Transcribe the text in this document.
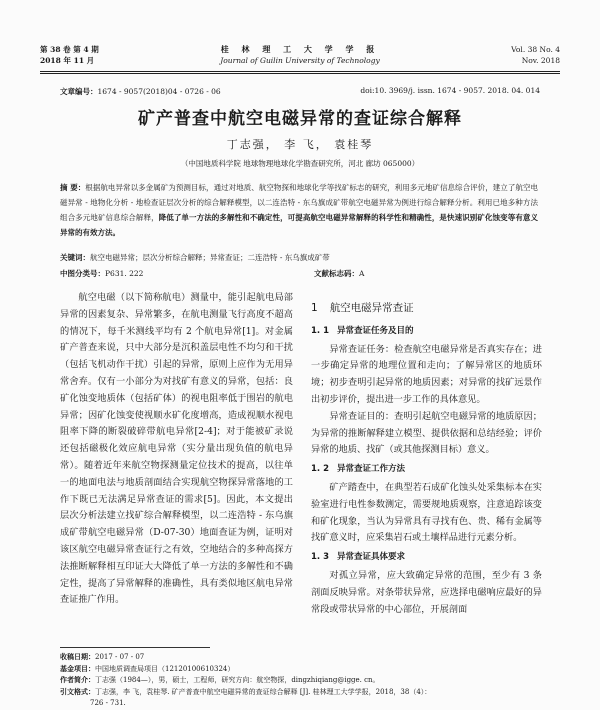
第 38 卷 第 4 期
2018 年 11 月
桂 林 理 工 大 学 学 报
Journal of Guilin University of Technology
Vol. 38 No. 4
Nov. 2018
文章编号：1674 - 9057(2018)04 - 0726 - 06	doi:10. 3969/j. issn. 1674 - 9057. 2018. 04. 014
矿产普查中航空电磁异常的查证综合解释
丁志强， 李 飞， 袁桂琴
（中国地质科学院 地球物理地球化学勘查研究所，河北 廊坊 065000）
摘 要：根据航电异常以多金属矿为预测目标，通过对地质、航空物探和地球化学等找矿标志的研究，利用多元地矿信息综合评价，建立了航空电磁异常 - 地物化分析 - 地检查证层次分析的综合解释模型，以二连浩特 - 东乌旗成矿带航空电磁异常为例进行综合解释分析。利用已地多种方法组合多元地矿信息综合解释，降低了单一方法的多解性和不确定性，可提高航空电磁异常解释的科学性和精确性，是快速识别矿化蚀变等有意义异常的有效方法。
关键词：航空电磁异常；层次分析综合解释；异常查证；二连浩特 - 东乌旗成矿带
中图分类号：P631. 222	文献标志码：A

航空电磁（以下简称航电）测量中，能引起航电局部异常的因素复杂、异常繁多，在航电测量飞行高度不超高的情况下，每千米测线平均有 2 个航电异常[1]。对金属矿产普查来说，只中大部分是沉积盖层电性不均匀和干扰（包括飞机动作干扰）引起的异常，原则上应作为无用异常舍弃。仅有一小部分为对找矿有意义的异常，包括：良矿化蚀变地质体（包括矿体）的视电阻率低于围岩的航电异常；因矿化蚀变使视顺水矿化度增高，造成视顺水视电阻率下降的断裂破碎带航电异常[2-4]；对于能被矿录说还包括磁极化效应航电异常（实分量出现负值的航电异常）。随着近年来航空物探测量定位技术的提高，以往单一的地面电法与地质剖面结合实现航空物探异常落地的工作下既已无法满足异常查证的需求[5]。因此，本文提出层次分析法建立找矿综合解释模型，以二连浩特 - 东乌旗成矿带航空电磁异常（D-07-30）地面查证为例，证明对该区航空电磁异常查证行之有效，空地结合的多种高探方法推断解释相互印证大大降低了单一方法的多解性和不确定性，提高了异常解释的准确性，具有类似地区航电异常查证推广作用。

1 航空电磁异常查证
1. 1 异常查证任务及目的

异常查证任务：检查航空电磁异常是否真实存在；进一步确定异常的地理位置和走向；了解异常区的地质环境；初步查明引起异常的地质因素；对异常的找矿远景作出初步评价，提出进一步工作的具体意见。

异常查证目的：查明引起航空电磁异常的地质原因；为异常的推断解释建立模型、提供依据和总结经验；评价异常的地质、找矿（或其他探测目标）意义。

1. 2 异常查证工作方法

矿产踏查中，在典型若石成矿化蚀头处采集标本在实验室进行电性参数测定，需要规地质观察，注意追踪该变和矿化现象，当认为异常具有寻找有色、贵、稀有金属等找矿意义时，应采集岩石或土壤样品进行元素分析。

1. 3 异常查证具体要求

对孤立异常，应大致确定异常的范围，至少有 3 条剖面反映异常。对条带状异常，应选择电磁响应最好的异常段或带状异常的中心部位，开展剖面

收稿日期：2017 - 07 - 07
基金项目：中国地质调查局项目（12120100610324）
作者简介：丁志强（1984—），男，硕士，工程师，研究方向：航空物探，dingzhiqiang@igge. cn。
引文格式：丁志强，李 飞，袁桂琴. 矿产普查中航空电磁异常的查证综合解释 [J]. 桂林理工大学学报，2018，38（4）：
726 - 731.
